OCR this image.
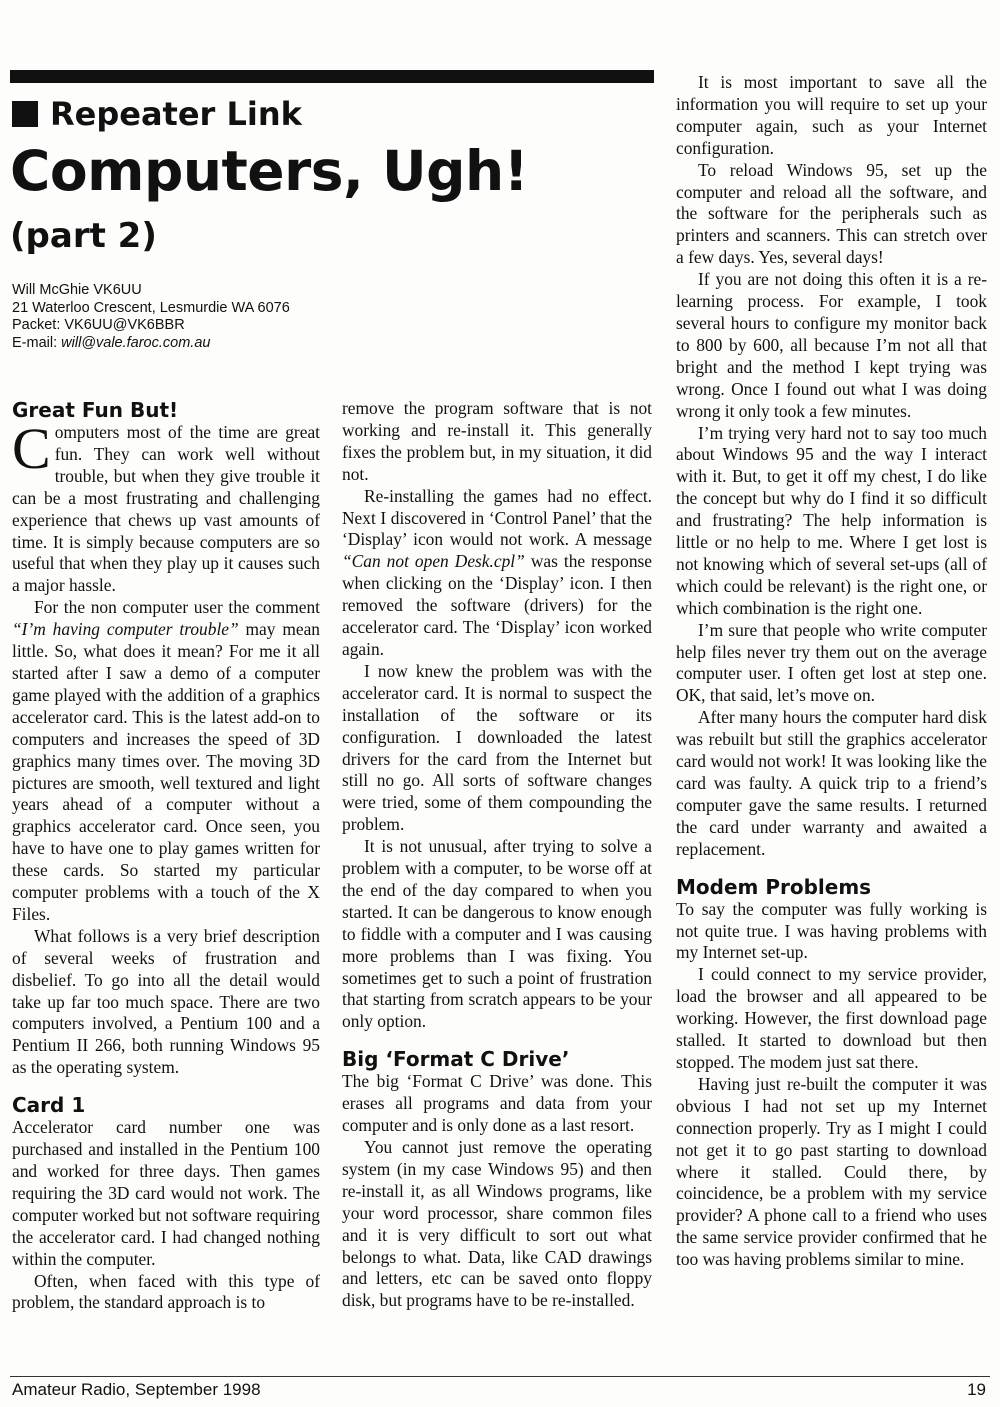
Repeater Link
Computers, Ugh!
(part 2)
Will McGhie VK6UU
21 Waterloo Crescent, Lesmurdie WA 6076
Packet: VK6UU@VK6BBR
E-mail: will@vale.faroc.com.au
Great Fun But!

Computers most of the time are great fun. They can work well without trouble, but when they give trouble it can be a most frustrating and challenging experience that chews up vast amounts of time. It is simply because computers are so useful that when they play up it causes such a major hassle.

For the non computer user the comment “I’m having computer trouble” may mean little. So, what does it mean? For me it all started after I saw a demo of a computer game played with the addition of a graphics accelerator card. This is the latest add-on to computers and increases the speed of 3D graphics many times over. The moving 3D pictures are smooth, well textured and light years ahead of a computer without a graphics accelerator card. Once seen, you have to have one to play games written for these cards. So started my particular computer problems with a touch of the X Files.

What follows is a very brief description of several weeks of frustration and disbelief. To go into all the detail would take up far too much space. There are two computers involved, a Pentium 100 and a Pentium II 266, both running Windows 95 as the operating system.

Card 1

Accelerator card number one was purchased and installed in the Pentium 100 and worked for three days. Then games requiring the 3D card would not work. The computer worked but not software requiring the accelerator card. I had changed nothing within the computer.

Often, when faced with this type of problem, the standard approach is to

remove the program software that is not working and re-install it. This generally fixes the problem but, in my situation, it did not.

Re-installing the games had no effect. Next I discovered in ‘Control Panel’ that the ‘Display’ icon would not work. A message “Can not open Desk.cpl” was the response when clicking on the ‘Display’ icon. I then removed the software (drivers) for the accelerator card. The ‘Display’ icon worked again.

I now knew the problem was with the accelerator card. It is normal to suspect the installation of the software or its configuration. I downloaded the latest drivers for the card from the Internet but still no go. All sorts of software changes were tried, some of them compounding the problem.

It is not unusual, after trying to solve a problem with a computer, to be worse off at the end of the day compared to when you started. It can be dangerous to know enough to fiddle with a computer and I was causing more problems than I was fixing. You sometimes get to such a point of frustration that starting from scratch appears to be your only option.

Big ‘Format C Drive’

The big ‘Format C Drive’ was done. This erases all programs and data from your computer and is only done as a last resort.

You cannot just remove the operating system (in my case Windows 95) and then re-install it, as all Windows programs, like your word processor, share common files and it is very difficult to sort out what belongs to what. Data, like CAD drawings and letters, etc can be saved onto floppy disk, but programs have to be re-installed.

It is most important to save all the information you will require to set up your computer again, such as your Internet configuration.

To reload Windows 95, set up the computer and reload all the software, and the software for the peripherals such as printers and scanners. This can stretch over a few days. Yes, several days!

If you are not doing this often it is a re-learning process. For example, I took several hours to configure my monitor back to 800 by 600, all because I’m not all that bright and the method I kept trying was wrong. Once I found out what I was doing wrong it only took a few minutes.

I’m trying very hard not to say too much about Windows 95 and the way I interact with it. But, to get it off my chest, I do like the concept but why do I find it so difficult and frustrating? The help information is little or no help to me. Where I get lost is not knowing which of several set-ups (all of which could be relevant) is the right one, or which combination is the right one.

I’m sure that people who write computer help files never try them out on the average computer user. I often get lost at step one. OK, that said, let’s move on.

After many hours the computer hard disk was rebuilt but still the graphics accelerator card would not work! It was looking like the card was faulty. A quick trip to a friend’s computer gave the same results. I returned the card under warranty and awaited a replacement.

Modem Problems

To say the computer was fully working is not quite true. I was having problems with my Internet set-up.

I could connect to my service provider, load the browser and all appeared to be working. However, the first download page stalled. It started to download but then stopped. The modem just sat there.

Having just re-built the computer it was obvious I had not set up my Internet connection properly. Try as I might I could not get it to go past starting to download where it stalled. Could there, by coincidence, be a problem with my service provider? A phone call to a friend who uses the same service provider confirmed that he too was having problems similar to mine.

Amateur Radio, September 1998	19
